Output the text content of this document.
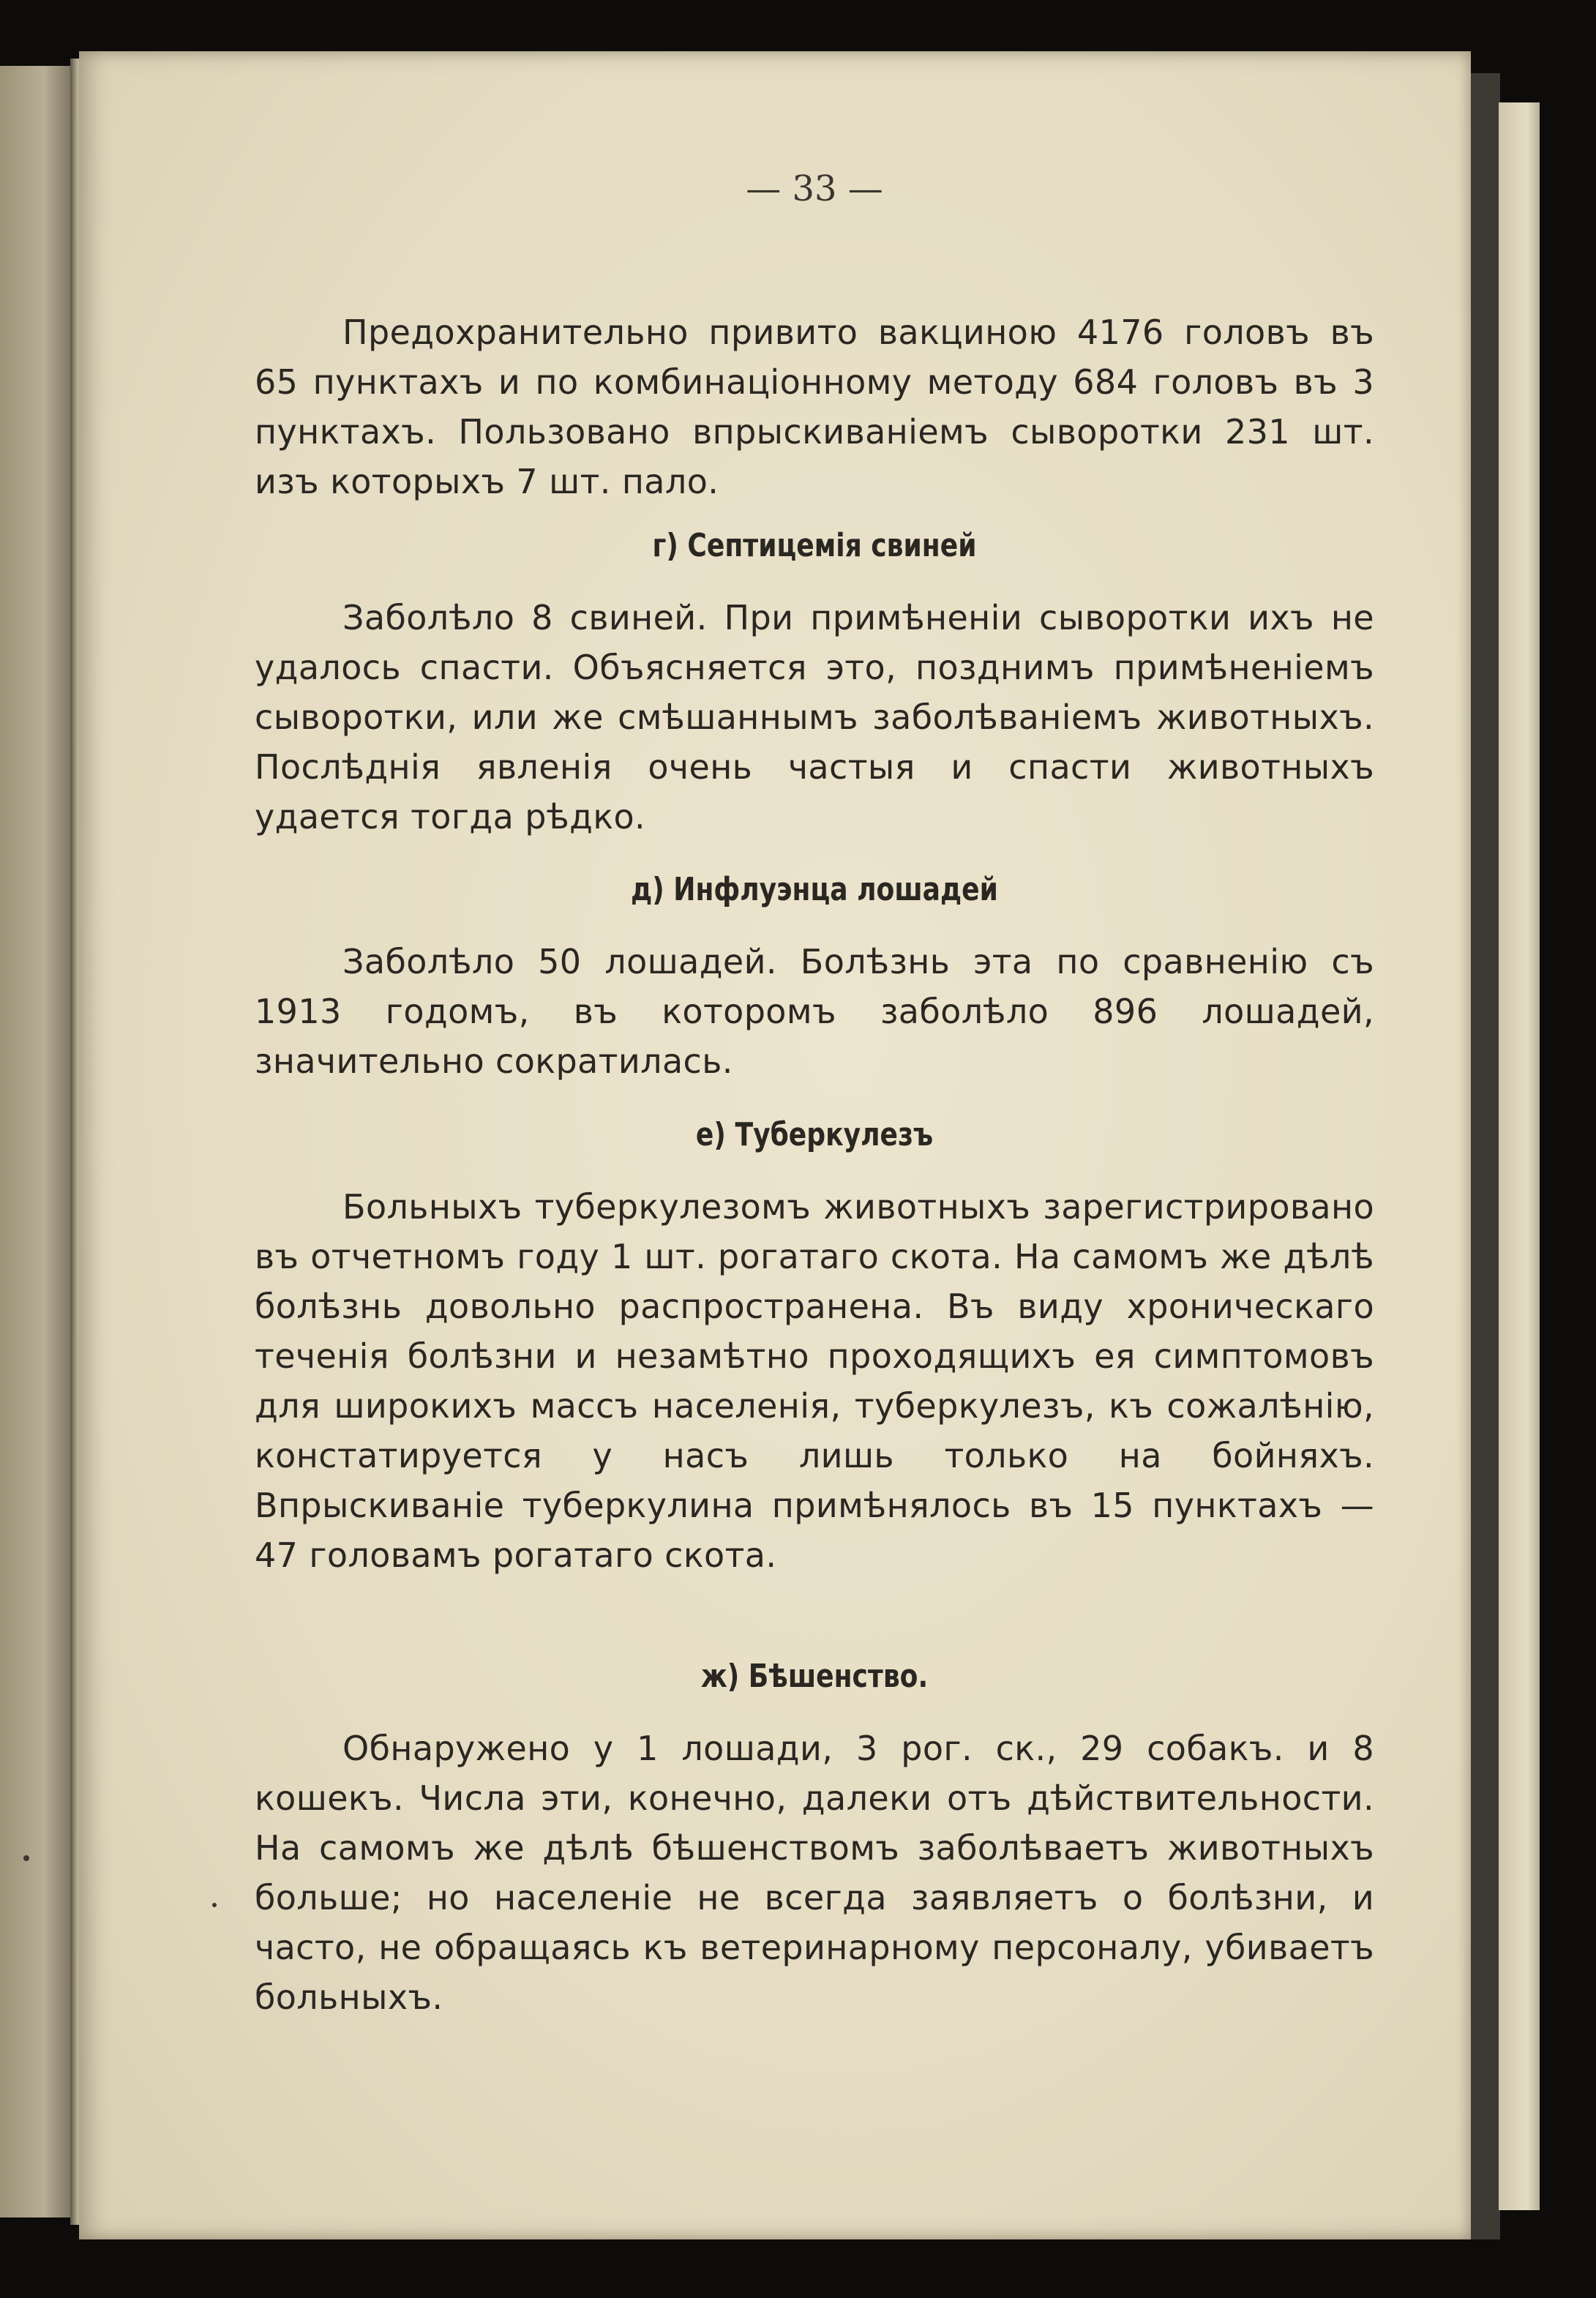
— 33 —

Предохранительно привито вакциною 4176 головъ въ 65 пунктахъ и по комбинаціонному методу 684 головъ въ 3 пунктахъ. Пользовано впрыскиваніемъ сыворотки 231 шт. изъ которыхъ 7 шт. пало.

г) Септицемія свиней

Заболѣло 8 свиней. При примѣненіи сыворотки ихъ не удалось спасти. Объясняется это, позднимъ примѣненіемъ сыворотки, или же смѣшаннымъ заболѣваніемъ животныхъ. Послѣднія явленія очень частыя и спасти животныхъ удается тогда рѣдко.

д) Инфлуэнца лошадей

Заболѣло 50 лошадей. Болѣзнь эта по сравненію съ 1913 годомъ, въ которомъ заболѣло 896 лошадей, значительно сократилась.

е) Туберкулезъ

Больныхъ туберкулезомъ животныхъ зарегистрировано въ отчетномъ году 1 шт. рогатаго скота. На самомъ же дѣлѣ болѣзнь довольно распространена. Въ виду хроническаго теченія болѣзни и незамѣтно проходящихъ ея симптомовъ для широкихъ массъ населенія, туберкулезъ, къ сожалѣнію, констатируется у насъ лишь только на бойняхъ. Впрыскиваніе туберкулина примѣнялось въ 15 пунктахъ — 47 головамъ рогатаго скота.

ж) Бѣшенство.

Обнаружено у 1 лошади, 3 рог. ск., 29 собакъ. и 8 кошекъ. Числа эти, конечно, далеки отъ дѣйствительности. На самомъ же дѣлѣ бѣшенствомъ заболѣваетъ животныхъ больше; но населеніе не всегда заявляетъ о болѣзни, и часто, не обращаясь къ ветеринарному персоналу, убиваетъ больныхъ.
